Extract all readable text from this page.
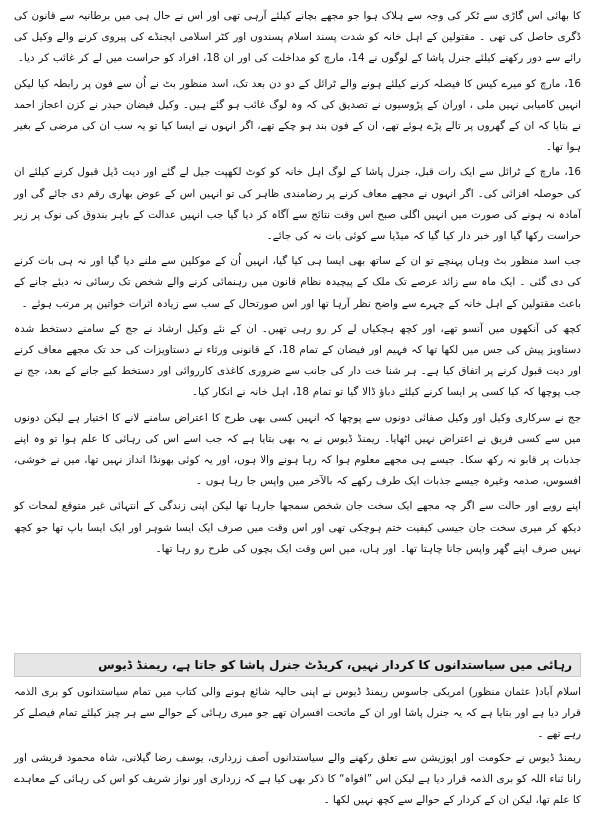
کا بھائی اس گاڑی سے ٹکر کی وجہ سے ہلاک ہوا جو مجھے بچانے کیلئے آرہی تھی اور اس نے حال ہی میں برطانیہ سے قانون کی ڈگری حاصل کی تھی ۔ مقتولین کے اہل خانہ کو شدت پسند اسلام پسندوں اور کٹر اسلامی ایجنڈے کی پیروی کرنے والے وکیل کی رائے سے دور رکھنے کیلئے جنرل پاشا کے لوگوں نے 14، مارچ کو مداخلت کی اور ان 18، افراد کو حراست میں لے کر غائب کر دیا۔

16، مارچ کو میرے کیس کا فیصلہ کرنے کیلئے ہونے والے ٹرائل کے دو دن بعد تک، اسد منظور بٹ نے اُن سے فون پر رابطہ کیا لیکن انہیں کامیابی نہیں ملی ، اوران کے پڑوسیوں نے تصدیق کی کہ وہ لوگ غائب ہو گئے ہیں۔ وکیل فیضان حیدر نے کزن اعجاز احمد نے بتایا کہ ان کے گھروں پر تالے پڑے ہوئے تھے، ان کے فون بند ہو چکے تھے، اگر انہوں نے ایسا کیا تو یہ سب ان کی مرضی کے بغیر ہوا تھا۔

16، مارچ کے ٹرائل سے ایک رات قبل، جنرل پاشا کے لوگ اہل خانہ کو کوٹ لکھپت جیل لے گئے اور دیت ڈیل قبول کرنے کیلئے ان کی حوصلہ افزائی کی۔ اگر انہوں نے مجھے معاف کرنے پر رضامندی ظاہر کی تو انہیں اس کے عوض بھاری رقم دی جائے گی اور آمادہ نہ ہونے کی صورت میں انہیں اگلی صبح اس وقت نتائج سے آگاہ کر دیا گیا جب انہیں عدالت کے باہر بندوق کی نوک پر زیر حراست رکھا گیا اور خبر دار کیا گیا کہ میڈیا سے کوئی بات نہ کی جائے۔

جب اسد منظور بٹ وہاں پہنچے تو ان کے ساتھ بھی ایسا ہی کیا گیا، انہیں اُن کے موکلین سے ملنے دیا گیا اور نہ ہی بات کرنے کی دی گئی ۔ ایک ماہ سے زائد عرصے تک ملک کے پیچیدہ نظام قانون میں رہنمائی کرنے والے شخص تک رسائی نہ دیئے جانے کے باعث مقتولین کے اہل خانہ کے چہرے سے واضح نظر آرہا تھا اور اس صورتحال کے سب سے زیادہ اثرات خواتین پر مرتب ہوئے ۔

کچھ کی آنکھوں میں آنسو تھے، اور کچھ ہچکیاں لے کر رو رہی تھیں۔ ان کے نئے وکیل ارشاد نے جج کے سامنے دستخط شدہ دستاویز پیش کی جس میں لکھا تھا کہ فہیم اور فیضان کے تمام 18، کے قانونی ورثاء نے دستاویزات کی حد تک مجھے معاف کرنے اور دیت قبول کرنے پر اتفاق کیا ہے۔ ہر شنا خت دار کی جانب سے ضروری کاغذی کارروائی اور دستخط کیے جانے کے بعد، جج نے جب پوچھا کہ کیا کسی پر ایسا کرنے کیلئے دباؤ ڈالا گیا تو تمام 18، اہل خانہ نے انکار کیا۔

جج نے سرکاری وکیل اور وکیل صفائی دونوں سے پوچھا کہ انہیں کسی بھی طرح کا اعتراض سامنے لانے کا اختیار ہے لیکن دونوں میں سے کسی فریق نے اعتراض نہیں اٹھایا۔ ریمنڈ ڈیوس نے یہ بھی بتایا ہے کہ جب اسے اس کی رہائی کا علم ہوا تو وہ اپنے جذبات پر قابو نہ رکھ سکا۔ جیسے ہی مجھے معلوم ہوا کہ رہا ہونے والا ہوں، اور یہ کوئی بھونڈا انداز نہیں تھا، میں نے خوشی، افسوس، صدمہ وغیرہ جیسے جذبات ایک طرف رکھے کہ بالآخر میں واپس جا رہا ہوں ۔

اپنے رویے اور حالت سے اگر چہ مجھے ایک سخت جان شخص سمجھا جارہا تھا لیکن اپنی زندگی کے انتہائی غیر متوقع لمحات کو دیکھ کر میری سخت جان جیسی کیفیت ختم ہوچکی تھی اور اس وقت میں صرف ایک ایسا شوہر اور ایک ایسا باپ تھا جو کچھ نہیں صرف اپنے گھر واپس جانا چاہتا تھا۔ اور ہاں، میں اس وقت ایک بچوں کی طرح رو رہا تھا۔

رہائی میں سیاستدانوں کا کردار نہیں، کریڈٹ جنرل پاشا کو جاتا ہے، ریمنڈ ڈیوس

اسلام آباد( عثمان منظور) امریکی جاسوس ریمنڈ ڈیوس نے اپنی حالیہ شائع ہونے والی کتاب میں تمام سیاستدانوں کو بری الذمہ قرار دیا ہے اور بتایا ہے کہ یہ جنرل پاشا اور ان کے ماتحت افسران تھے جو میری رہائی کے حوالے سے ہر چیز کیلئے تمام فیصلے کر رہے تھے ۔

ریمنڈ ڈیوس نے حکومت اور اپوزیشن سے تعلق رکھنے والے سیاستدانوں آصف زرداری، یوسف رضا گیلانی، شاہ محمود قریشی اور رانا ثناء اللہ کو بری الذمہ قرار دیا ہے لیکن اس ”افواہ“ کا ذکر بھی کیا ہے کہ زرداری اور نواز شریف کو اس کی رہائی کے معاہدے کا علم تھا، لیکن ان کے کردار کے حوالے سے کچھ نہیں لکھا ۔
